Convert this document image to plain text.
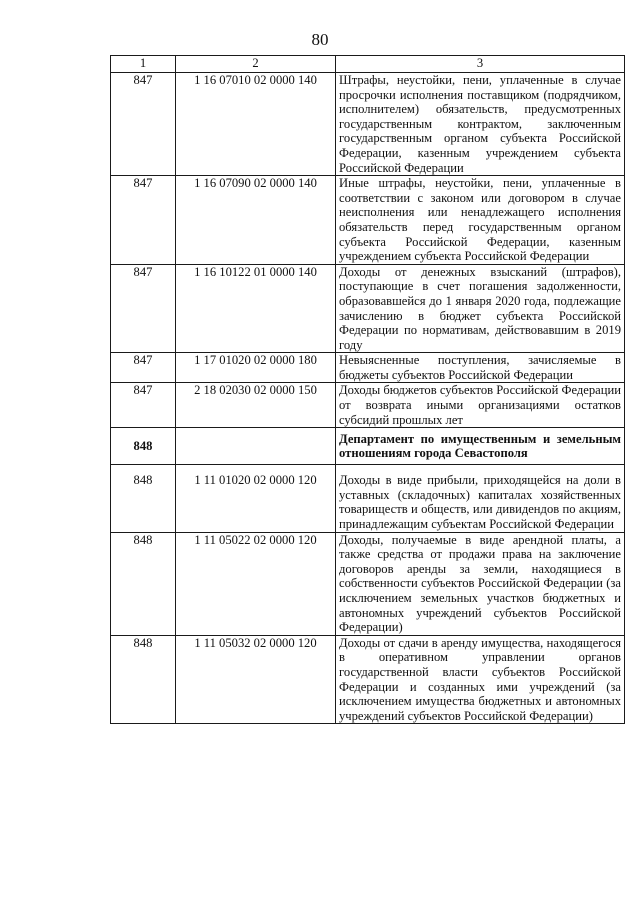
80
1	2	3
847	1 16 07010 02 0000 140	Штрафы, неустойки, пени, уплаченные в случае просрочки исполнения поставщиком (подрядчиком, исполнителем) обязательств, предусмотренных государственным контрактом, заключенным государственным органом субъекта Российской Федерации, казенным учреждением субъекта Российской Федерации
847	1 16 07090 02 0000 140	Иные штрафы, неустойки, пени, уплаченные в соответствии с законом или договором в случае неисполнения или ненадлежащего исполнения обязательств перед государственным органом субъекта Российской Федерации, казенным учреждением субъекта Российской Федерации
847	1 16 10122 01 0000 140	Доходы от денежных взысканий (штрафов), поступающие в счет погашения задолженности, образовавшейся до 1 января 2020 года, подлежащие зачислению в бюджет субъекта Российской Федерации по нормативам, действовавшим в 2019 году
847	1 17 01020 02 0000 180	Невыясненные поступления, зачисляемые в бюджеты субъектов Российской Федерации
847	2 18 02030 02 0000 150	Доходы бюджетов субъектов Российской Федерации от возврата иными организациями остатков субсидий прошлых лет
848		Департамент по имущественным и земельным отношениям города Севастополя
848	1 11 01020 02 0000 120	Доходы в виде прибыли, приходящейся на доли в уставных (складочных) капиталах хозяйственных товариществ и обществ, или дивидендов по акциям, принадлежащим субъектам Российской Федерации
848	1 11 05022 02 0000 120	Доходы, получаемые в виде арендной платы, а также средства от продажи права на заключение договоров аренды за земли, находящиеся в собственности субъектов Российской Федерации (за исключением земельных участков бюджетных и автономных учреждений субъектов Российской Федерации)
848	1 11 05032 02 0000 120	Доходы от сдачи в аренду имущества, находящегося в оперативном управлении органов государственной власти субъектов Российской Федерации и созданных ими учреждений (за исключением имущества бюджетных и автономных учреждений субъектов Российской Федерации)
